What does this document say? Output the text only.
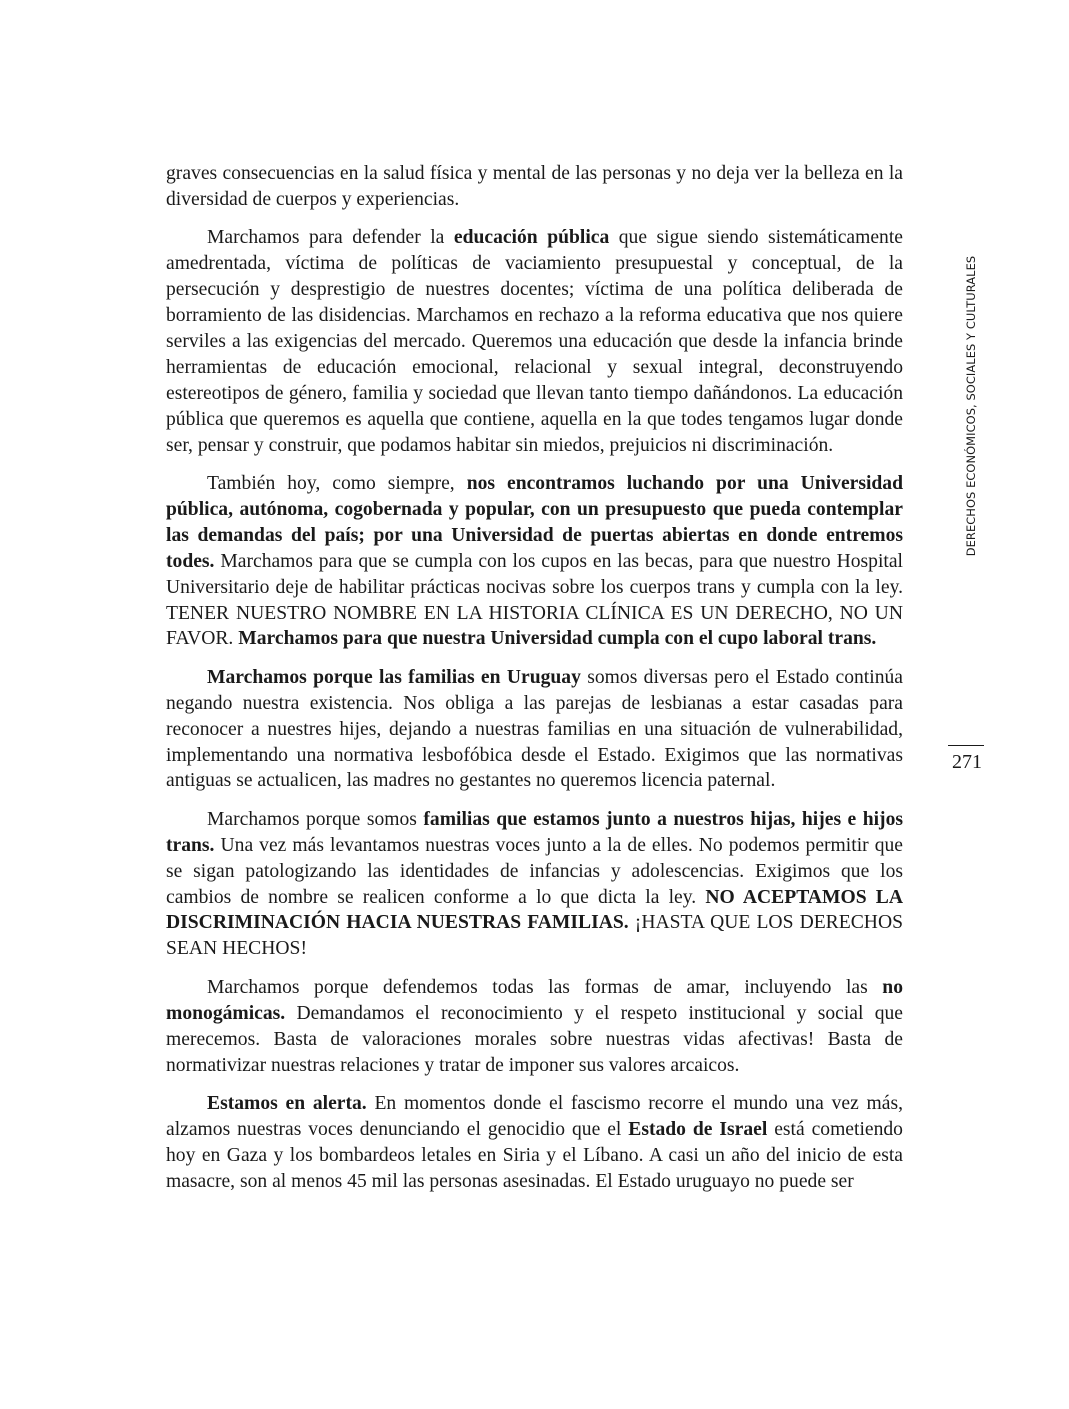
graves consecuencias en la salud física y mental de las personas y no deja ver la belleza en la diversidad de cuerpos y experiencias.

Marchamos para defender la educación pública que sigue siendo sistemáticamente amedrentada, víctima de políticas de vaciamiento presupuestal y conceptual, de la persecución y desprestigio de nuestres docentes; víctima de una política deliberada de borramiento de las disidencias. Marchamos en rechazo a la reforma educativa que nos quiere serviles a las exigencias del mercado. Queremos una educación que desde la infancia brinde herramientas de educación emocional, relacional y sexual integral, deconstruyendo estereotipos de género, familia y sociedad que llevan tanto tiempo dañándonos. La educación pública que queremos es aquella que contiene, aquella en la que todes tengamos lugar donde ser, pensar y construir, que podamos habitar sin miedos, prejuicios ni discriminación.

También hoy, como siempre, nos encontramos luchando por una Universidad pública, autónoma, cogobernada y popular, con un presupuesto que pueda contemplar las demandas del país; por una Universidad de puertas abiertas en donde entremos todes. Marchamos para que se cumpla con los cupos en las becas, para que nuestro Hospital Universitario deje de habilitar prácticas nocivas sobre los cuerpos trans y cumpla con la ley. TENER NUESTRO NOMBRE EN LA HISTORIA CLÍNICA ES UN DERECHO, NO UN FAVOR. Marchamos para que nuestra Universidad cumpla con el cupo laboral trans.

Marchamos porque las familias en Uruguay somos diversas pero el Estado continúa negando nuestra existencia. Nos obliga a las parejas de lesbianas a estar casadas para reconocer a nuestres hijes, dejando a nuestras familias en una situación de vulnerabilidad, implementando una normativa lesbofóbica desde el Estado. Exigimos que las normativas antiguas se actualicen, las madres no gestantes no queremos licencia paternal.

Marchamos porque somos familias que estamos junto a nuestros hijas, hijes e hijos trans. Una vez más levantamos nuestras voces junto a la de elles. No podemos permitir que se sigan patologizando las identidades de infancias y adolescencias. Exigimos que los cambios de nombre se realicen conforme a lo que dicta la ley. NO ACEPTAMOS LA DISCRIMINACIÓN HACIA NUESTRAS FAMILIAS. ¡HASTA QUE LOS DERECHOS SEAN HECHOS!

Marchamos porque defendemos todas las formas de amar, incluyendo las no monogámicas. Demandamos el reconocimiento y el respeto institucional y social que merecemos. Basta de valoraciones morales sobre nuestras vidas afectivas! Basta de normativizar nuestras relaciones y tratar de imponer sus valores arcaicos.

Estamos en alerta. En momentos donde el fascismo recorre el mundo una vez más, alzamos nuestras voces denunciando el genocidio que el Estado de Israel está cometiendo hoy en Gaza y los bombardeos letales en Siria y el Líbano. A casi un año del inicio de esta masacre, son al menos 45 mil las personas asesinadas. El Estado uruguayo no puede ser

DERECHOS ECONÓMICOS, SOCIALES Y CULTURALES
271
